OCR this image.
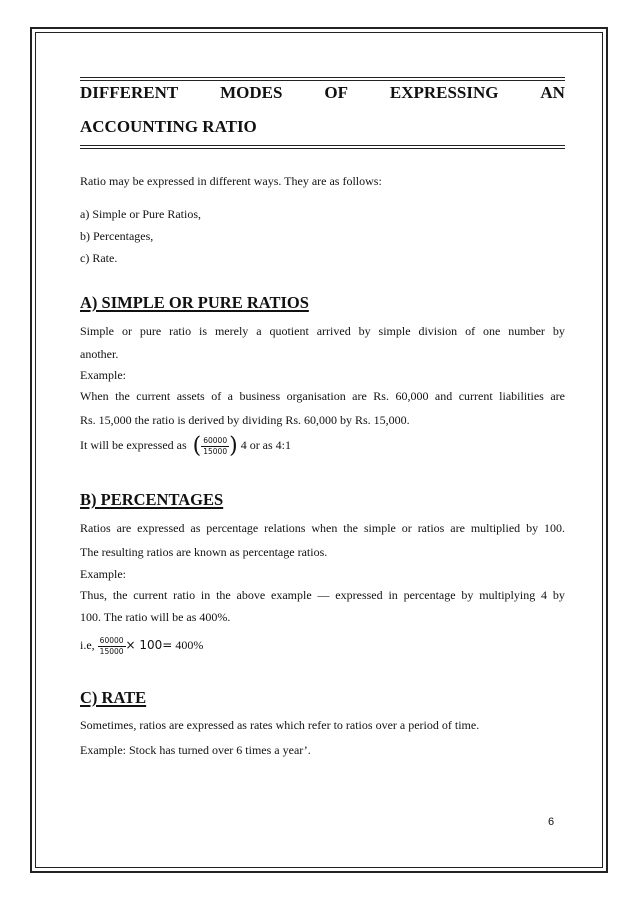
DIFFERENT MODES OF EXPRESSING AN
ACCOUNTING RATIO
Ratio may be expressed in different ways. They are as follows:
a) Simple or Pure Ratios,
b) Percentages,
c) Rate.
A) SIMPLE OR PURE RATIOS
Simple or pure ratio is merely a quotient arrived by simple division of one number by
another.
Example:
When the current assets of a business organisation are Rs. 60,000 and current liabilities are
Rs. 15,000 the ratio is derived by dividing Rs. 60,000 by Rs. 15,000.
It will be expressed as ( $\frac{60000}{15000}$ ) 4 or as 4:1
B) PERCENTAGES
Ratios are expressed as percentage relations when the simple or ratios are multiplied by 100.
The resulting ratios are known as percentage ratios.
Example:
Thus, the current ratio in the above example — expressed in percentage by multiplying 4 by
100. The ratio will be as 400%.
i.e, $\frac{60000}{15000} \times 100= 400\%$
C) RATE
Sometimes, ratios are expressed as rates which refer to ratios over a period of time.
Example: Stock has turned over 6 times a year’.
6
